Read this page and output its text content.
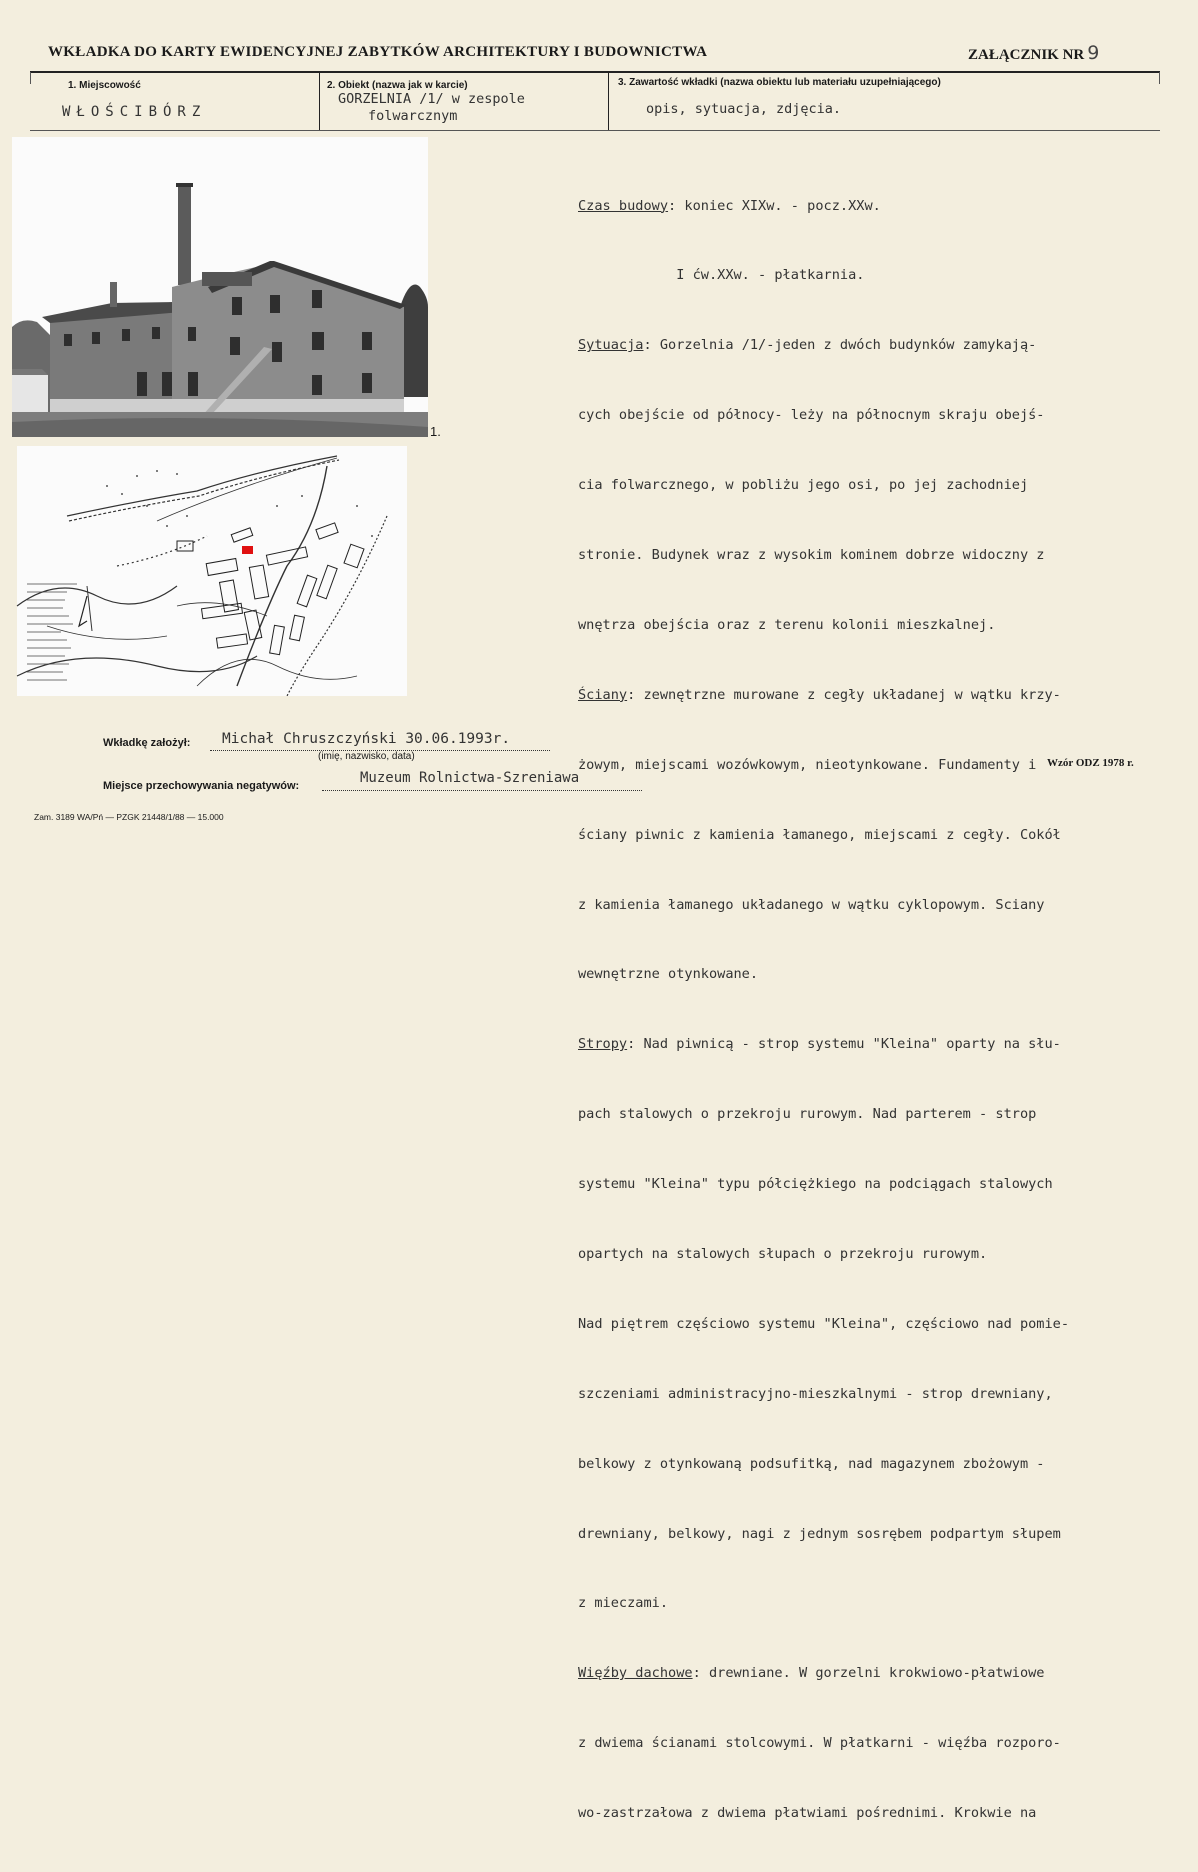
WKŁADKA DO KARTY EWIDENCYJNEJ ZABYTKÓW ARCHITEKTURY I BUDOWNICTWA	ZAŁĄCZNIK NR 9
1. Miejscowość
WŁOŚCIBÓRZ
2. Obiekt (nazwa jak w karcie)
GORZELNIA /1/ w zespole
folwarcznym
3. Zawartość wkładki (nazwa obiektu lub materiału uzupełniającego)
opis, sytuacja, zdjęcia.
1.

Czas budowy: koniec XIXw. - pocz.XXw.

I ćw.XXw. - płatkarnia.

Sytuacja: Gorzelnia /1/-jeden z dwóch budynków zamykają-

cych obejście od północy- leży na północnym skraju obejś-

cia folwarcznego, w pobliżu jego osi, po jej zachodniej

stronie. Budynek wraz z wysokim kominem dobrze widoczny z

wnętrza obejścia oraz z terenu kolonii mieszkalnej.

Ściany: zewnętrzne murowane z cegły układanej w wątku krzy-

żowym, miejscami wozówkowym, nieotynkowane. Fundamenty i

ściany piwnic z kamienia łamanego, miejscami z cegły. Cokół

z kamienia łamanego układanego w wątku cyklopowym. Sciany

wewnętrzne otynkowane.

Stropy: Nad piwnicą - strop systemu "Kleina" oparty na słu-

pach stalowych o przekroju rurowym. Nad parterem - strop

systemu "Kleina" typu półciężkiego na podciągach stalowych

opartych na stalowych słupach o przekroju rurowym.

Nad piętrem częściowo systemu "Kleina", częściowo nad pomie-

szczeniami administracyjno-mieszkalnymi - strop drewniany,

belkowy z otynkowaną podsufitką, nad magazynem zbożowym -

drewniany, belkowy, nagi z jednym sosrębem podpartym słupem

z mieczami.

Więźby dachowe: drewniane. W gorzelni krokwiowo-płatwiowe

z dwiema ścianami stolcowymi. W płatkarni - więźba rozporo-

wo-zastrzałowa z dwiema płatwiami pośrednimi. Krokwie na

Wkładkę założył: Michał Chruszczyński 30.06.1993r.
(imię, nazwisko, data)
Miejsce przechowywania negatywów:	Muzeum Rolnictwa-Szreniawa
Wzór ODZ 1978 r.
Zam. 3189 WA/Pń — PZGK 21448/1/88 — 15.000
